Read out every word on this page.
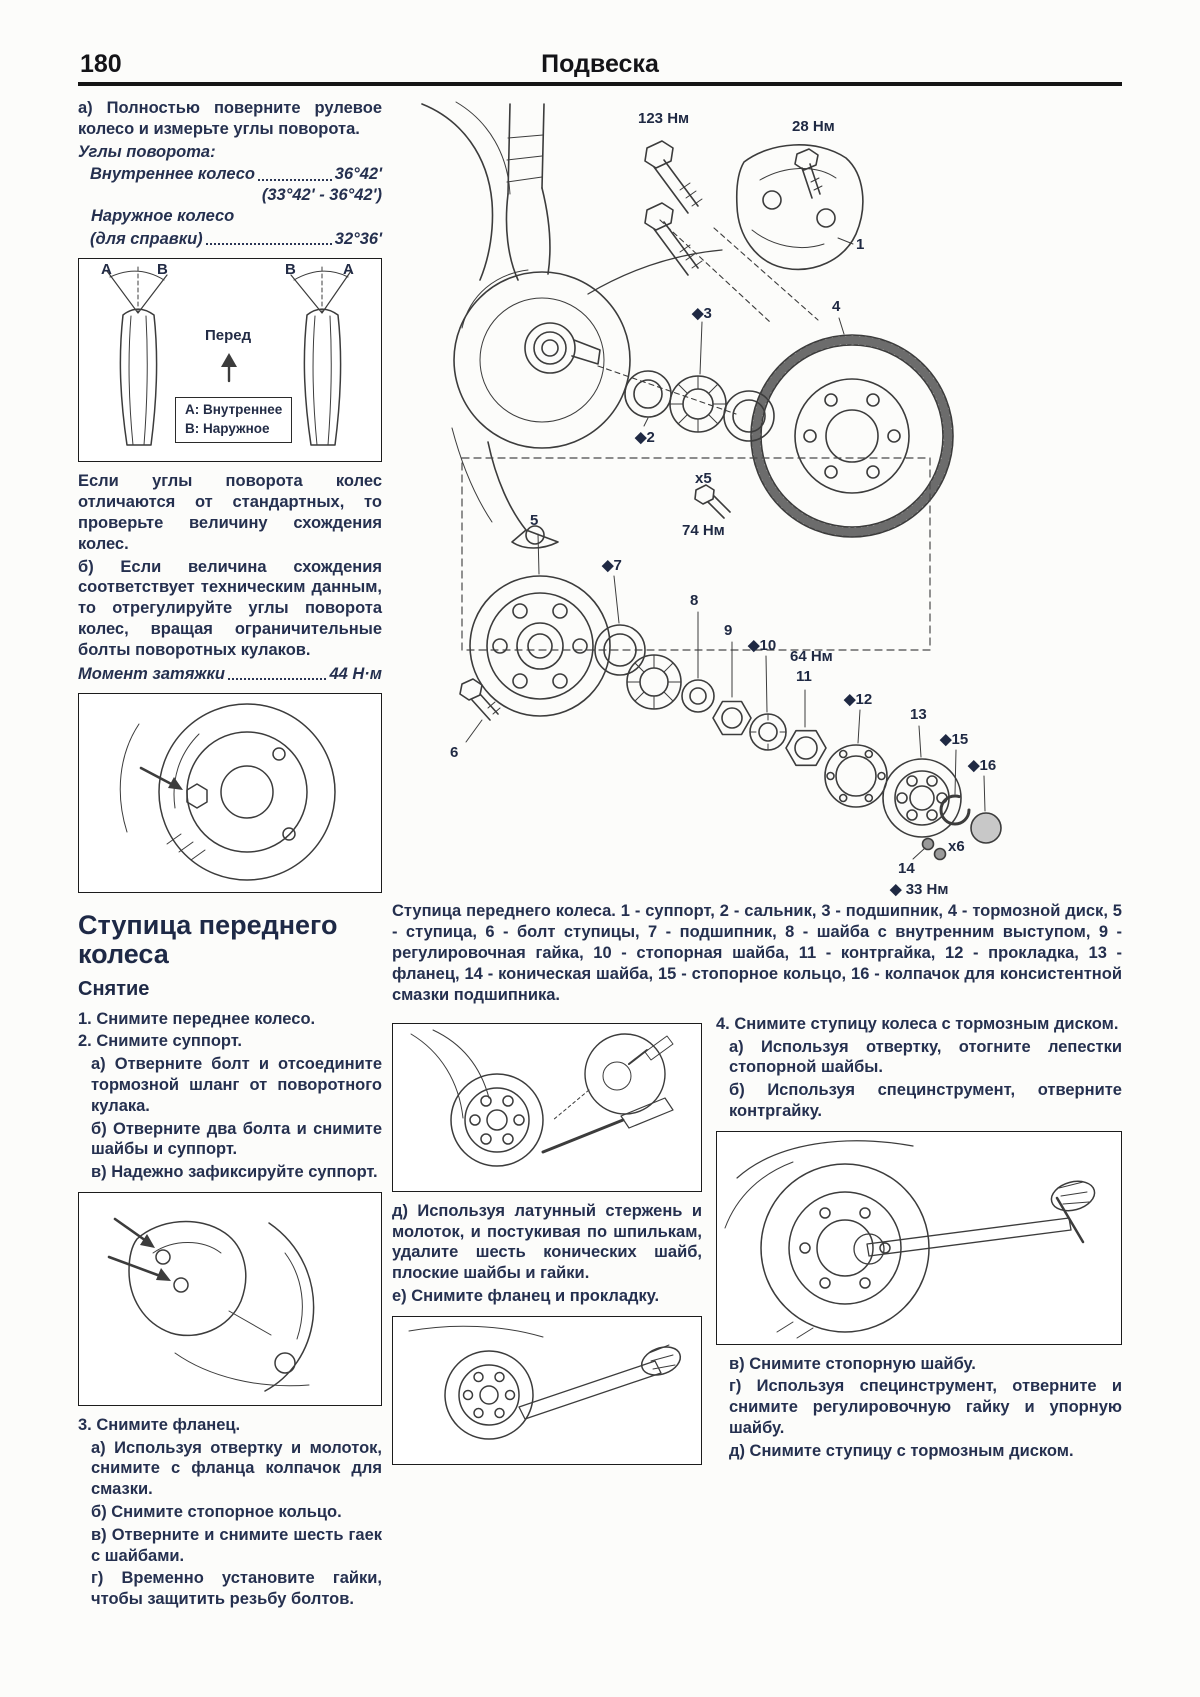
180	Подвеска

а) Полностью поверните рулевое колесо и измерьте углы поворота.

Углы поворота:

Внутреннее колесо	36°42'
(33°42' - 36°42')
Наружное колесо
(для справки)	32°36'
A	B	B	A
Перед
A: Внутреннее
B: Наружное

Если углы поворота колес отличаются от стандартных, то проверьте величину схождения колес.

б) Если величина схождения соответствует техническим данным, то отрегулируйте углы поворота колес, вращая ограничительные болты поворотных кулаков.

Момент затяжки	44 Н·м
Ступица переднего колеса
Снятие

1. Снимите переднее колесо.

2. Снимите суппорт.

а) Отверните болт и отсоедините тормозной шланг от поворотного кулака.

б) Отверните два болта и снимите шайбы и суппорт.

в) Надежно зафиксируйте суппорт.

3. Снимите фланец.

а) Используя отвертку и молоток, снимите с фланца колпачок для смазки.

б) Снимите стопорное кольцо.

в) Отверните и снимите шесть гаек с шайбами.

г) Временно установите гайки, чтобы защитить резьбу болтов.

123 Нм	28 Нм
1
◆3	4
◆2
x5
74 Нм
5
6
◆7
8
9
◆10
64 Нм
11
◆12
13
◆15
◆16
x6
14
◆ 33 Нм

Ступица переднего колеса. 1 - суппорт, 2 - сальник, 3 - подшипник, 4 - тормозной диск, 5 - ступица, 6 - болт ступицы, 7 - подшипник, 8 - шайба с внутренним выступом, 9 - регулировочная гайка, 10 - стопорная шайба, 11 - контргайка, 12 - прокладка, 13 - фланец, 14 - коническая шайба, 15 - стопорное кольцо, 16 - колпачок для консистентной смазки подшипника.

д) Используя латунный стержень и молоток, и постукивая по шпилькам, удалите шесть конических шайб, плоские шайбы и гайки.

е) Снимите фланец и прокладку.

4. Снимите ступицу колеса с тормозным диском.

а) Используя отвертку, отогните лепестки стопорной шайбы.

б) Используя специнструмент, отверните контргайку.

в) Снимите стопорную шайбу.

г) Используя специнструмент, отверните и снимите регулировочную гайку и упорную шайбу.

д) Снимите ступицу с тормозным диском.
